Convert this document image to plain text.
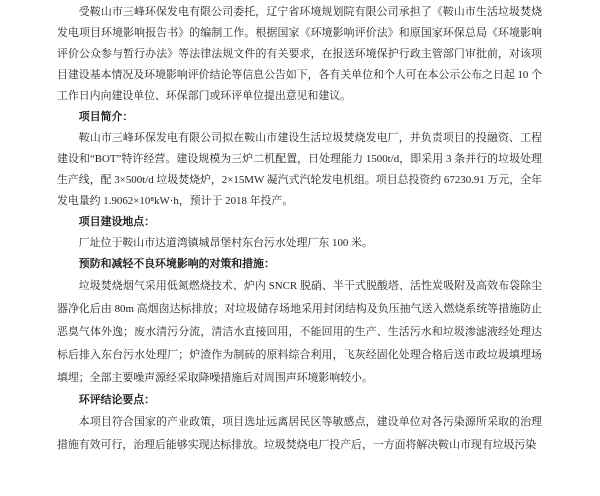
受鞍山市三峰环保发电有限公司委托，辽宁省环境规划院有限公司承担了《鞍山市生活垃圾焚烧发电项目环境影响报告书》的编制工作。根据国家《环境影响评价法》和原国家环保总局《环境影响评价公众参与暂行办法》等法律法规文件的有关要求，在报送环境保护行政主管部门审批前，对该项目建设基本情况及环境影响评价结论等信息公告如下，各有关单位和个人可在本公示公布之日起 10 个工作日内向建设单位、环保部门或环评单位提出意见和建议。

项目简介：

鞍山市三峰环保发电有限公司拟在鞍山市建设生活垃圾焚烧发电厂，并负责项目的投融资、工程建设和“BOT”特许经营。建设规模为三炉二机配置，日处理能力 1500t/d，即采用 3 条并行的垃圾处理生产线，配 3×500t/d 垃圾焚烧炉，2×15MW 凝汽式汽轮发电机组。项目总投资约 67230.91 万元，全年发电量约 1.9062×10⁸kW·h，预计于 2018 年投产。

项目建设地点：

厂址位于鞍山市达道湾镇城昂堡村东台污水处理厂东 100 米。

预防和减轻不良环境影响的对策和措施：

垃圾焚烧烟气采用低氮燃烧技术、炉内 SNCR 脱硝、半干式脱酸塔、活性炭吸附及高效布袋除尘器净化后由 80m 高烟囱达标排放；对垃圾储存场地采用封闭结构及负压抽气送入燃烧系统等措施防止恶臭气体外逸；废水清污分流，清洁水直接回用，不能回用的生产、生活污水和垃圾渗滤液经处理达标后排入东台污水处理厂；炉渣作为制砖的原料综合利用，飞灰经固化处理合格后送市政垃圾填埋场填埋；全部主要噪声源经采取降噪措施后对周围声环境影响较小。

环评结论要点：

本项目符合国家的产业政策，项目选址远离居民区等敏感点，建设单位对各污染源所采取的治理措施有效可行，治理后能够实现达标排放。垃圾焚烧电厂投产后，一方面将解决鞍山市现有垃圾污染
